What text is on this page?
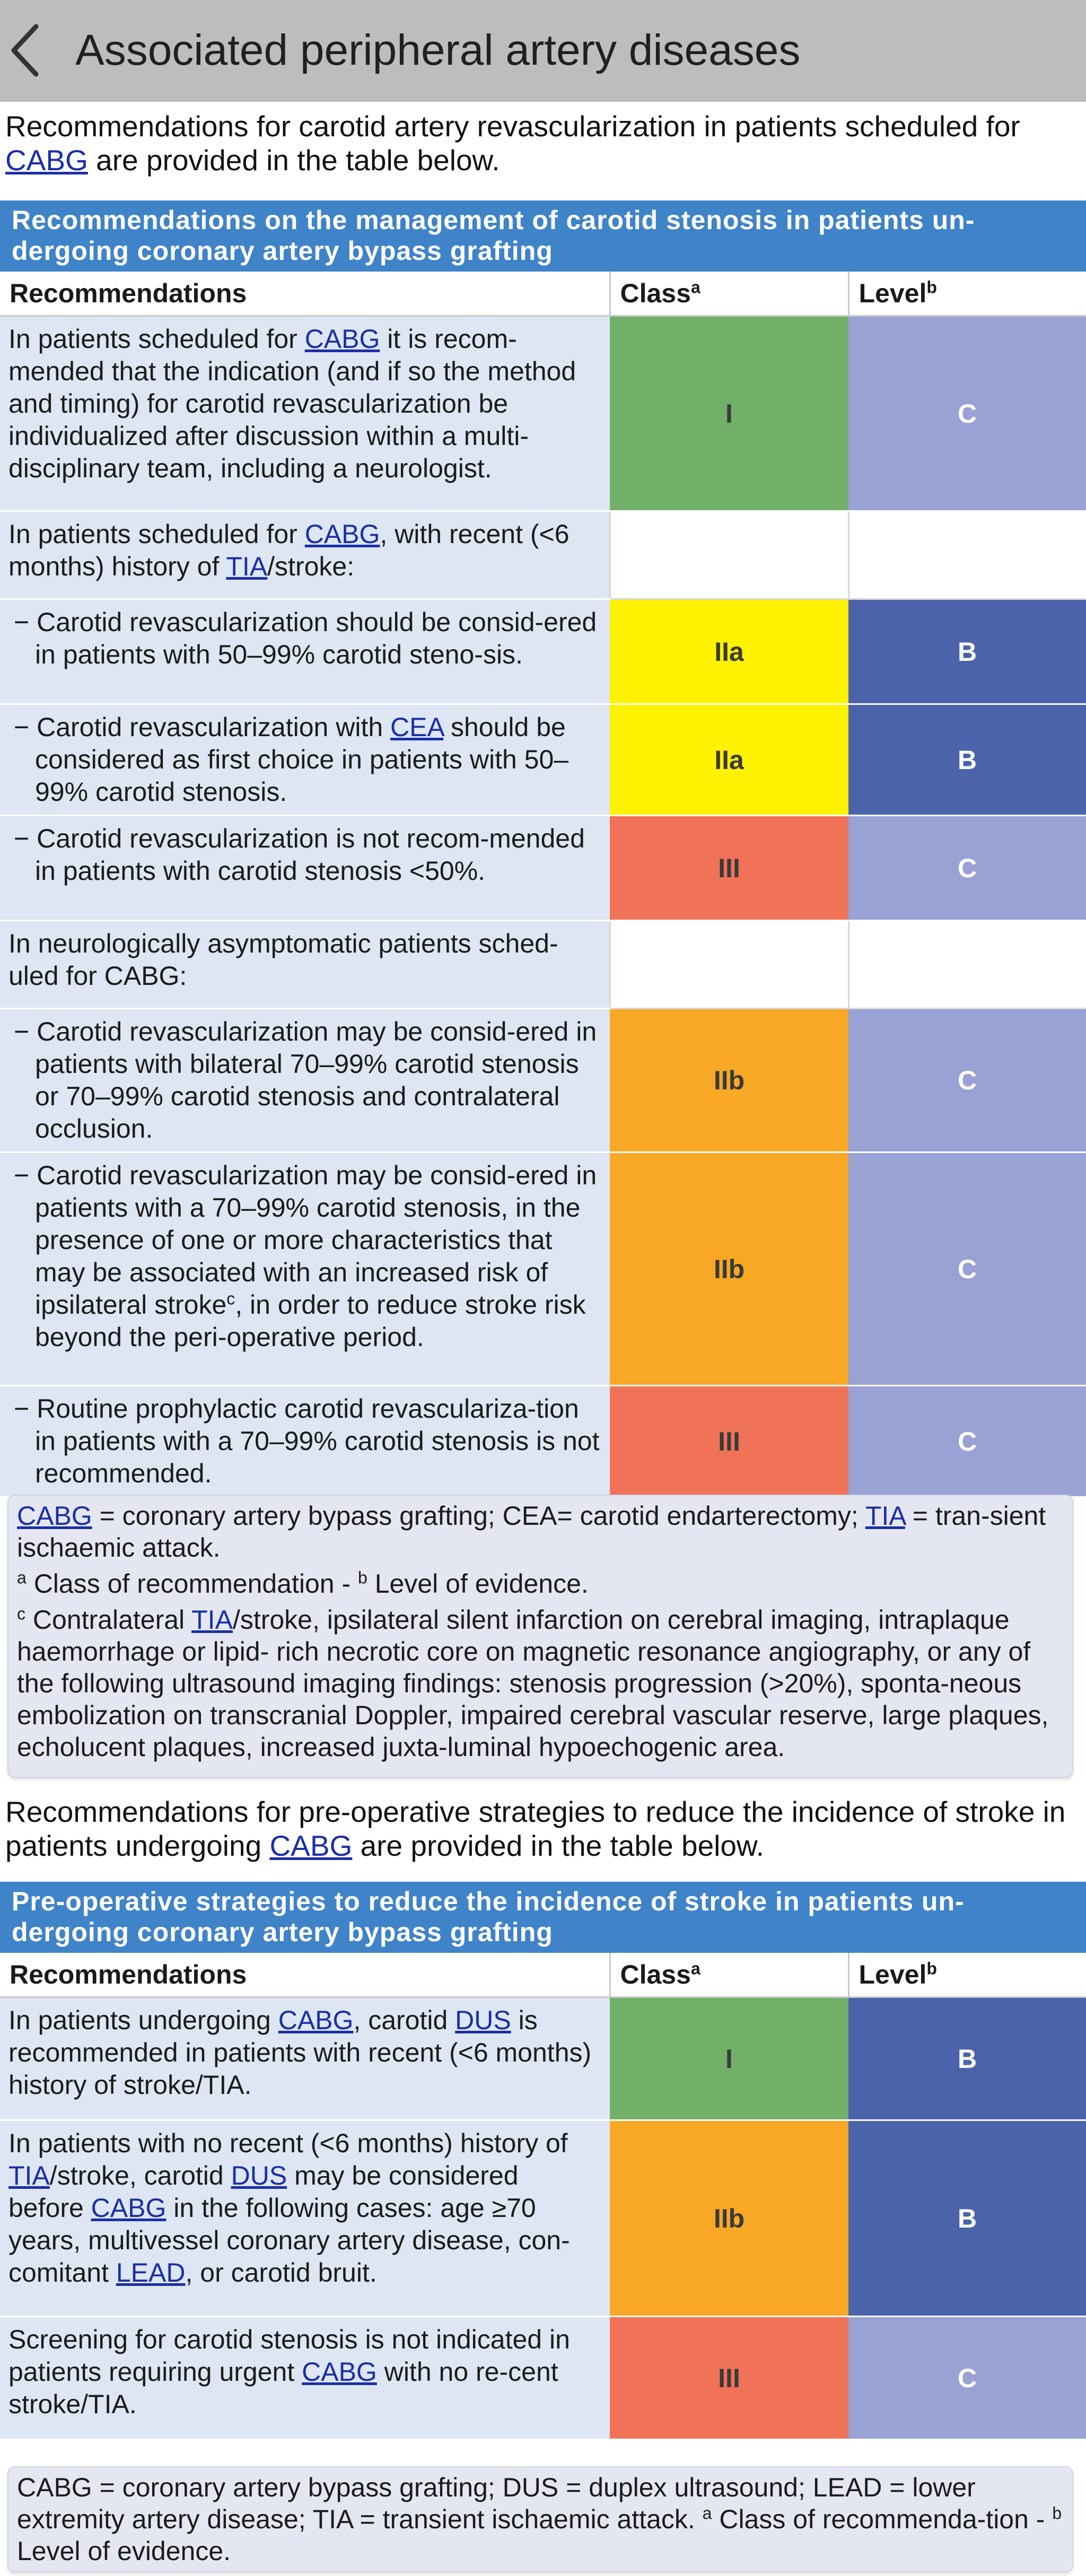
Associated peripheral artery diseases
Recommendations for carotid artery revascularization in patients scheduled for CABG are provided in the table below.
Recommendations on the management of carotid stenosis in patients un-dergoing coronary artery bypass grafting		
Recommendations	Class$^a$	Level$^b$
In patients scheduled for CABG it is recom-mended that the indication (and if so the method and timing) for carotid revascularization be individualized after discussion within a multi-disciplinary team, including a neurologist.	I	C
In patients scheduled for CABG, with recent (<6 months) history of TIA/stroke:		
− Carotid revascularization should be consid-ered in patients with 50–99% carotid steno-sis.	IIa	B
− Carotid revascularization with CEA should be considered as first choice in patients with 50–99% carotid stenosis.	IIa	B
− Carotid revascularization is not recom-mended in patients with carotid stenosis <50%.	III	C
In neurologically asymptomatic patients sched-uled for CABG:		
− Carotid revascularization may be consid-ered in patients with bilateral 70–99% carotid stenosis or 70–99% carotid stenosis and contralateral occlusion.	IIb	C
− Carotid revascularization may be consid-ered in patients with a 70–99% carotid stenosis, in the presence of one or more characteristics that may be associated with an increased risk of ipsilateral stroke$^c$, in order to reduce stroke risk beyond the peri-operative period.	IIb	C
− Routine prophylactic carotid revasculariza-tion in patients with a 70–99% carotid stenosis is not recommended.	III	C
CABG = coronary artery bypass grafting; CEA= carotid endarterectomy; TIA = tran-sient ischaemic attack.
$^a$ Class of recommendation - $^b$ Level of evidence.
$^c$ Contralateral TIA/stroke, ipsilateral silent infarction on cerebral imaging, intraplaque haemorrhage or lipid- rich necrotic core on magnetic resonance angiography, or any of the following ultrasound imaging findings: stenosis progression (>20%), sponta-neous embolization on transcranial Doppler, impaired cerebral vascular reserve, large plaques, echolucent plaques, increased juxta-luminal hypoechogenic area.
Recommendations for pre-operative strategies to reduce the incidence of stroke in patients undergoing CABG are provided in the table below.
Pre-operative strategies to reduce the incidence of stroke in patients un-dergoing coronary artery bypass grafting		
Recommendations	Class$^a$	Level$^b$
In patients undergoing CABG, carotid DUS is recommended in patients with recent (<6 months) history of stroke/TIA.	I	B
In patients with no recent (<6 months) history of TIA/stroke, carotid DUS may be considered before CABG in the following cases: age ≥70 years, multivessel coronary artery disease, con-comitant LEAD, or carotid bruit.	IIb	B
Screening for carotid stenosis is not indicated in patients requiring urgent CABG with no re-cent stroke/TIA.	III	C
CABG = coronary artery bypass grafting; DUS = duplex ultrasound; LEAD = lower extremity artery disease; TIA = transient ischaemic attack. $^a$ Class of recommenda-tion - $^b$ Level of evidence.
